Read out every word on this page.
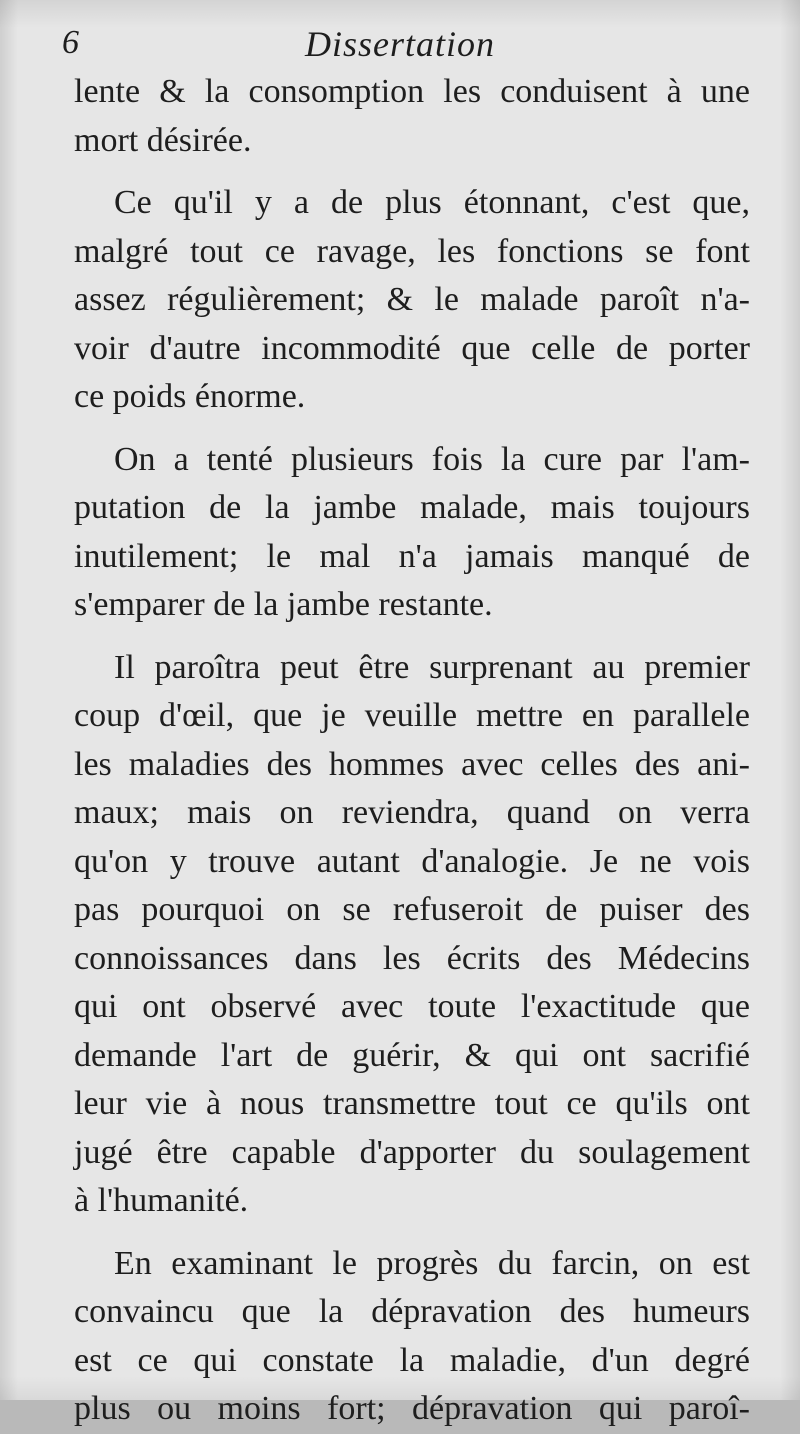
6	Dissertation
lente & la consomption les conduisent à une
mort désirée.
Ce qu'il y a de plus étonnant, c'est que,
malgré tout ce ravage, les fonctions se font
assez régulièrement; & le malade paroît n'a-
voir d'autre incommodité que celle de porter
ce poids énorme.
On a tenté plusieurs fois la cure par l'am-
putation de la jambe malade, mais toujours
inutilement; le mal n'a jamais manqué de
s'emparer de la jambe restante.
Il paroîtra peut être surprenant au premier
coup d'œil, que je veuille mettre en parallele
les maladies des hommes avec celles des ani-
maux; mais on reviendra, quand on verra
qu'on y trouve autant d'analogie. Je ne vois
pas pourquoi on se refuseroit de puiser des
connoissances dans les écrits des Médecins
qui ont observé avec toute l'exactitude que
demande l'art de guérir, & qui ont sacrifié
leur vie à nous transmettre tout ce qu'ils ont
jugé être capable d'apporter du soulagement
à l'humanité.
En examinant le progrès du farcin, on est
convaincu que la dépravation des humeurs
est ce qui constate la maladie, d'un degré
plus ou moins fort; dépravation qui paroî-
